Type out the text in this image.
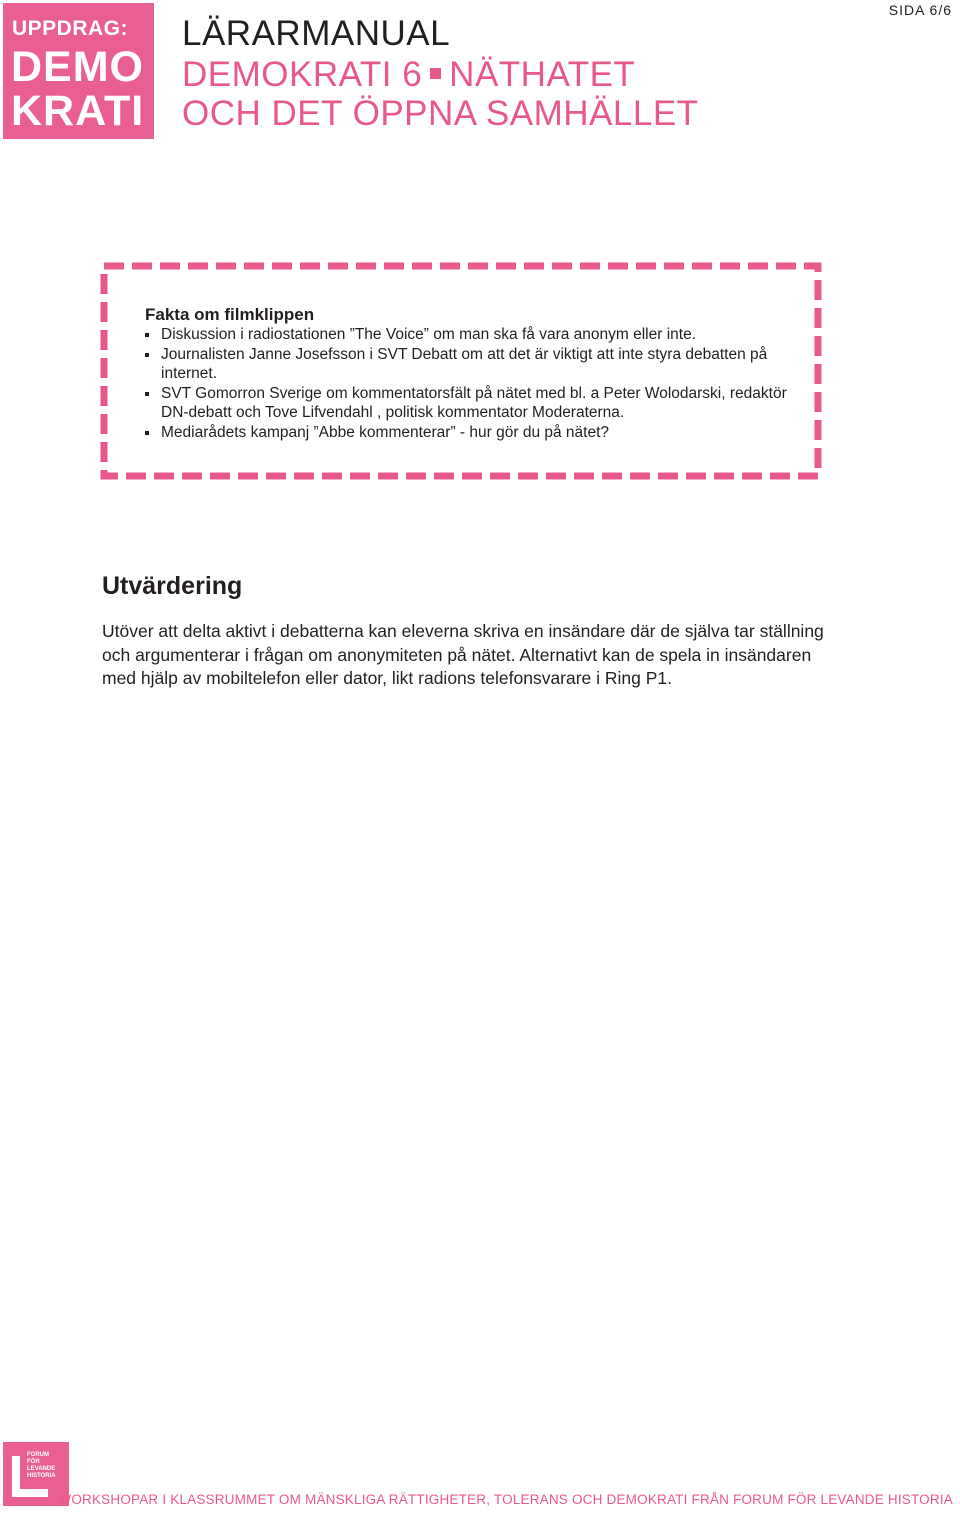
UPPDRAG:
DEMO
KRATI
LÄRARMANUAL
DEMOKRATI 6 NÄTHATET
OCH DET ÖPPNA SAMHÄLLET
SIDA 6/6
Fakta om filmklippen
Diskussion i radiostationen ”The Voice” om man ska få vara anonym eller inte.
Journalisten Janne Josefsson i SVT Debatt om att det är viktigt att inte styra debatten på internet.
SVT Gomorron Sverige om kommentatorsfält på nätet med bl. a Peter Wolodarski, redaktör DN-debatt och Tove Lifvendahl , politisk kommentator Moderaterna.
Mediarådets kampanj ”Abbe kommenterar” - hur gör du på nätet?
Utvärdering

Utöver att delta aktivt i debatterna kan eleverna skriva en insändare där de själva tar ställning och argumenterar i frågan om anonymiteten på nätet. Alternativt kan de spela in insändaren med hjälp av mobiltelefon eller dator, likt radions telefonsvarare i Ring P1.

FORUM
FÖR
LEVANDE
HISTORIA
WORKSHOPAR I KLASSRUMMET OM MÄNSKLIGA RÄTTIGHETER, TOLERANS OCH DEMOKRATI FRÅN FORUM FÖR LEVANDE HISTORIA
